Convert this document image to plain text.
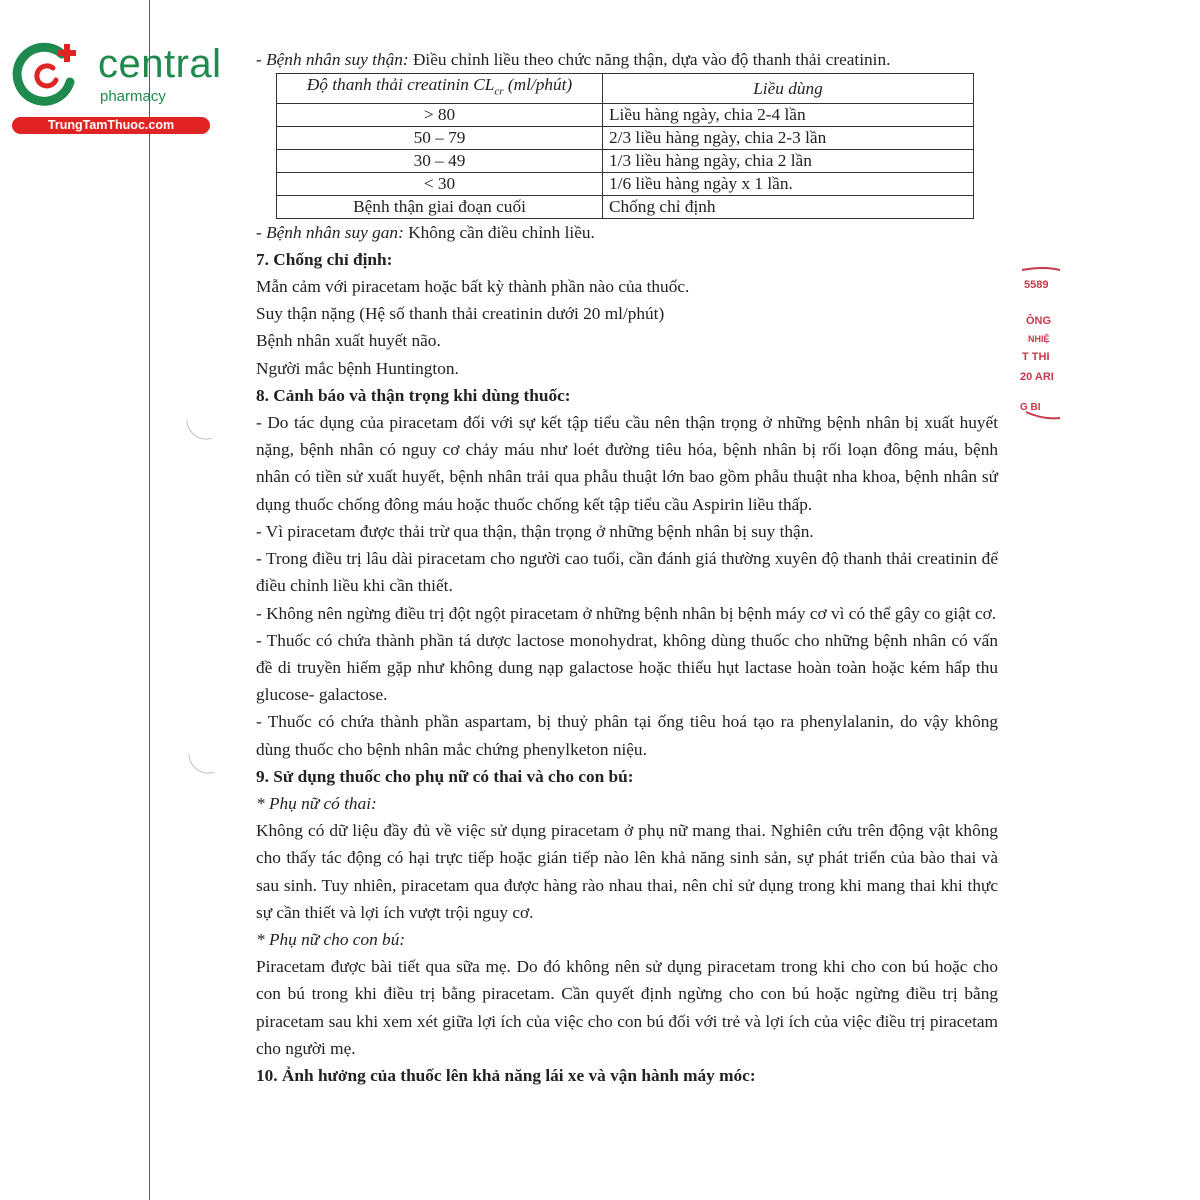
central
pharmacy
TrungTamThuoc.com
5589
ÔNG
NHIỆ
T THI
20 ARI
G BI

- Bệnh nhân suy thận: Điều chỉnh liều theo chức năng thận, dựa vào độ thanh thải creatinin.

Độ thanh thải creatinin $CL_{cr}$ (ml/phút)	Liều dùng
> 80	Liều hàng ngày, chia 2-4 lần
50 – 79	2/3 liều hàng ngày, chia 2-3 lần
30 – 49	1/3 liều hàng ngày, chia 2 lần
< 30	1/6 liều hàng ngày x 1 lần.
Bệnh thận giai đoạn cuối	Chống chỉ định

- Bệnh nhân suy gan: Không cần điều chỉnh liều.

7. Chống chỉ định:

Mẫn cảm với piracetam hoặc bất kỳ thành phần nào của thuốc.

Suy thận nặng (Hệ số thanh thải creatinin dưới 20 ml/phút)

Bệnh nhân xuất huyết não.

Người mắc bệnh Huntington.

8. Cảnh báo và thận trọng khi dùng thuốc:

- Do tác dụng của piracetam đối với sự kết tập tiểu cầu nên thận trọng ở những bệnh nhân bị xuất huyết nặng, bệnh nhân có nguy cơ chảy máu như loét đường tiêu hóa, bệnh nhân bị rối loạn đông máu, bệnh nhân có tiền sử xuất huyết, bệnh nhân trải qua phẫu thuật lớn bao gồm phẫu thuật nha khoa, bệnh nhân sử dụng thuốc chống đông máu hoặc thuốc chống kết tập tiểu cầu Aspirin liều thấp.

- Vì piracetam được thải trừ qua thận, thận trọng ở những bệnh nhân bị suy thận.

- Trong điều trị lâu dài piracetam cho người cao tuổi, cần đánh giá thường xuyên độ thanh thải creatinin để điều chỉnh liều khi cần thiết.

- Không nên ngừng điều trị đột ngột piracetam ở những bệnh nhân bị bệnh máy cơ vì có thể gây co giật cơ.

- Thuốc có chứa thành phần tá dược lactose monohydrat, không dùng thuốc cho những bệnh nhân có vấn đề di truyền hiếm gặp như không dung nạp galactose hoặc thiếu hụt lactase hoàn toàn hoặc kém hấp thu glucose- galactose.

- Thuốc có chứa thành phần aspartam, bị thuỷ phân tại ống tiêu hoá tạo ra phenylalanin, do vậy không dùng thuốc cho bệnh nhân mắc chứng phenylketon niệu.

9. Sử dụng thuốc cho phụ nữ có thai và cho con bú:

* Phụ nữ có thai:

Không có dữ liệu đầy đủ về việc sử dụng piracetam ở phụ nữ mang thai. Nghiên cứu trên động vật không cho thấy tác động có hại trực tiếp hoặc gián tiếp nào lên khả năng sinh sản, sự phát triển của bào thai và sau sinh. Tuy nhiên, piracetam qua được hàng rào nhau thai, nên chỉ sử dụng trong khi mang thai khi thực sự cần thiết và lợi ích vượt trội nguy cơ.

* Phụ nữ cho con bú:

Piracetam được bài tiết qua sữa mẹ. Do đó không nên sử dụng piracetam trong khi cho con bú hoặc cho con bú trong khi điều trị bằng piracetam. Cần quyết định ngừng cho con bú hoặc ngừng điều trị bằng piracetam sau khi xem xét giữa lợi ích của việc cho con bú đối với trẻ và lợi ích của việc điều trị piracetam cho người mẹ.

10. Ảnh hưởng của thuốc lên khả năng lái xe và vận hành máy móc:
